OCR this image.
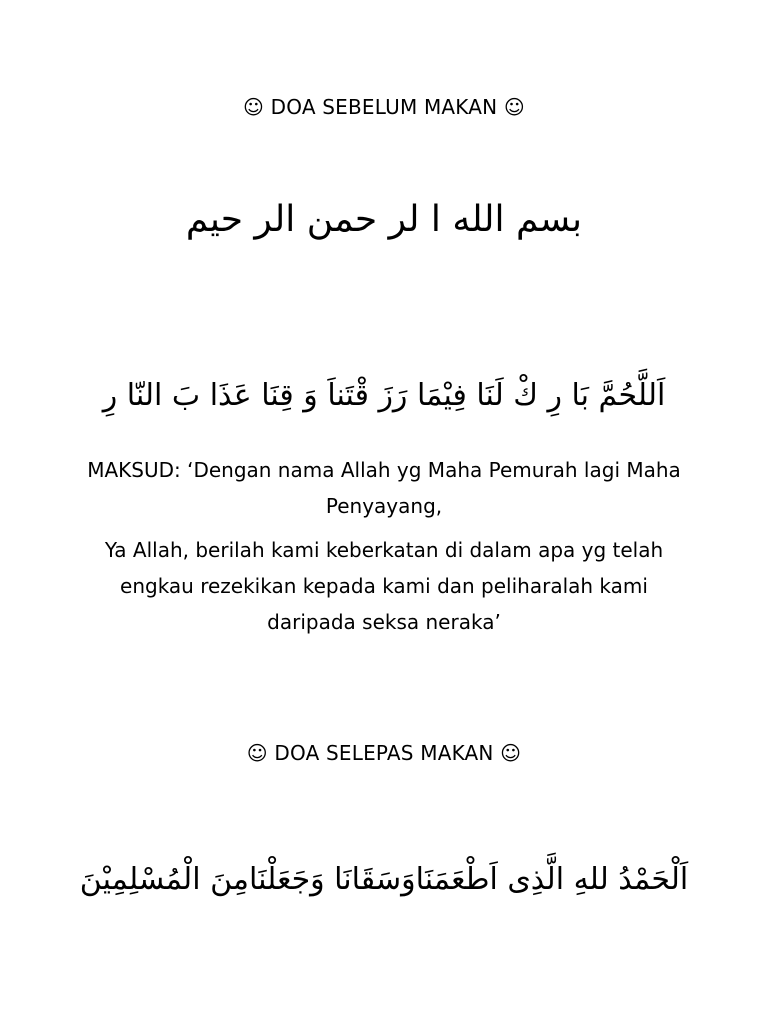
☺ DOA SEBELUM MAKAN ☺
بسم الله ا لر حمن الر حيم
اَللَّحُمَّ بَا رِ كْ لَنَا فِيْمَا رَزَ قْتَناَ وَ قِنَا عَذَا بَ النّا رِ

MAKSUD: ‘Dengan nama Allah yg Maha Pemurah lagi Maha Penyayang,

Ya Allah, berilah kami keberkatan di dalam apa yg telah engkau rezekikan kepada kami dan peliharalah kami daripada seksa neraka’

☺ DOA SELEPAS MAKAN ☺
اَلْحَمْدُ للهِ الَّذِى اَطْعَمَنَاوَسَقَانَا وَجَعَلْنَامِنَ الْمُسْلِمِيْنَ
